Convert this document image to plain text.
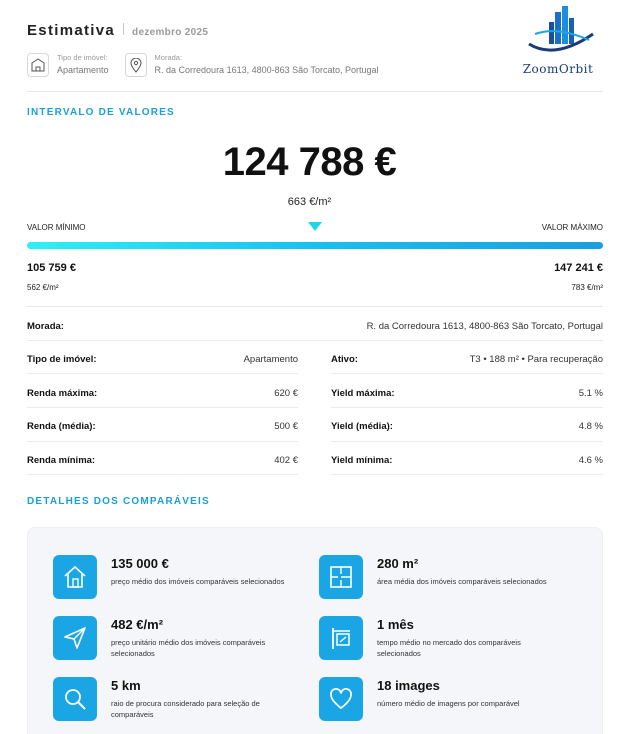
Estimativa dezembro 2025
Tipo de imóvel:
Apartamento
Morada:
R. da Corredoura 1613, 4800-863 São Torcato, Portugal	ZoomOrbit
INTERVALO DE VALORES
124 788 €
663 €/m²
VALOR MÍNIMO	VALOR MÁXIMO
105 759 €	147 241 €
562 €/m²	783 €/m²
Morada:	R. da Corredoura 1613, 4800-863 São Torcato, Portugal
Tipo de imóvel:	Apartamento	Ativo:	T3 • 188 m² • Para recuperação
Renda máxima:	620 €	Yield máxima:	5.1 %
Renda (média):	500 €	Yield (média):	4.8 %
Renda mínima:	402 €	Yield mínima:	4.6 %
DETALHES DOS COMPARÁVEIS
135 000 €
preço médio dos imóveis comparáveis selecionados
280 m²
área média dos imóveis comparáveis selecionados
482 €/m²
preço unitário médio dos imóveis comparáveis selecionados
1 mês
tempo médio no mercado dos comparáveis selecionados
5 km
raio de procura considerado para seleção de comparáveis
18 images
número médio de imagens por comparável
